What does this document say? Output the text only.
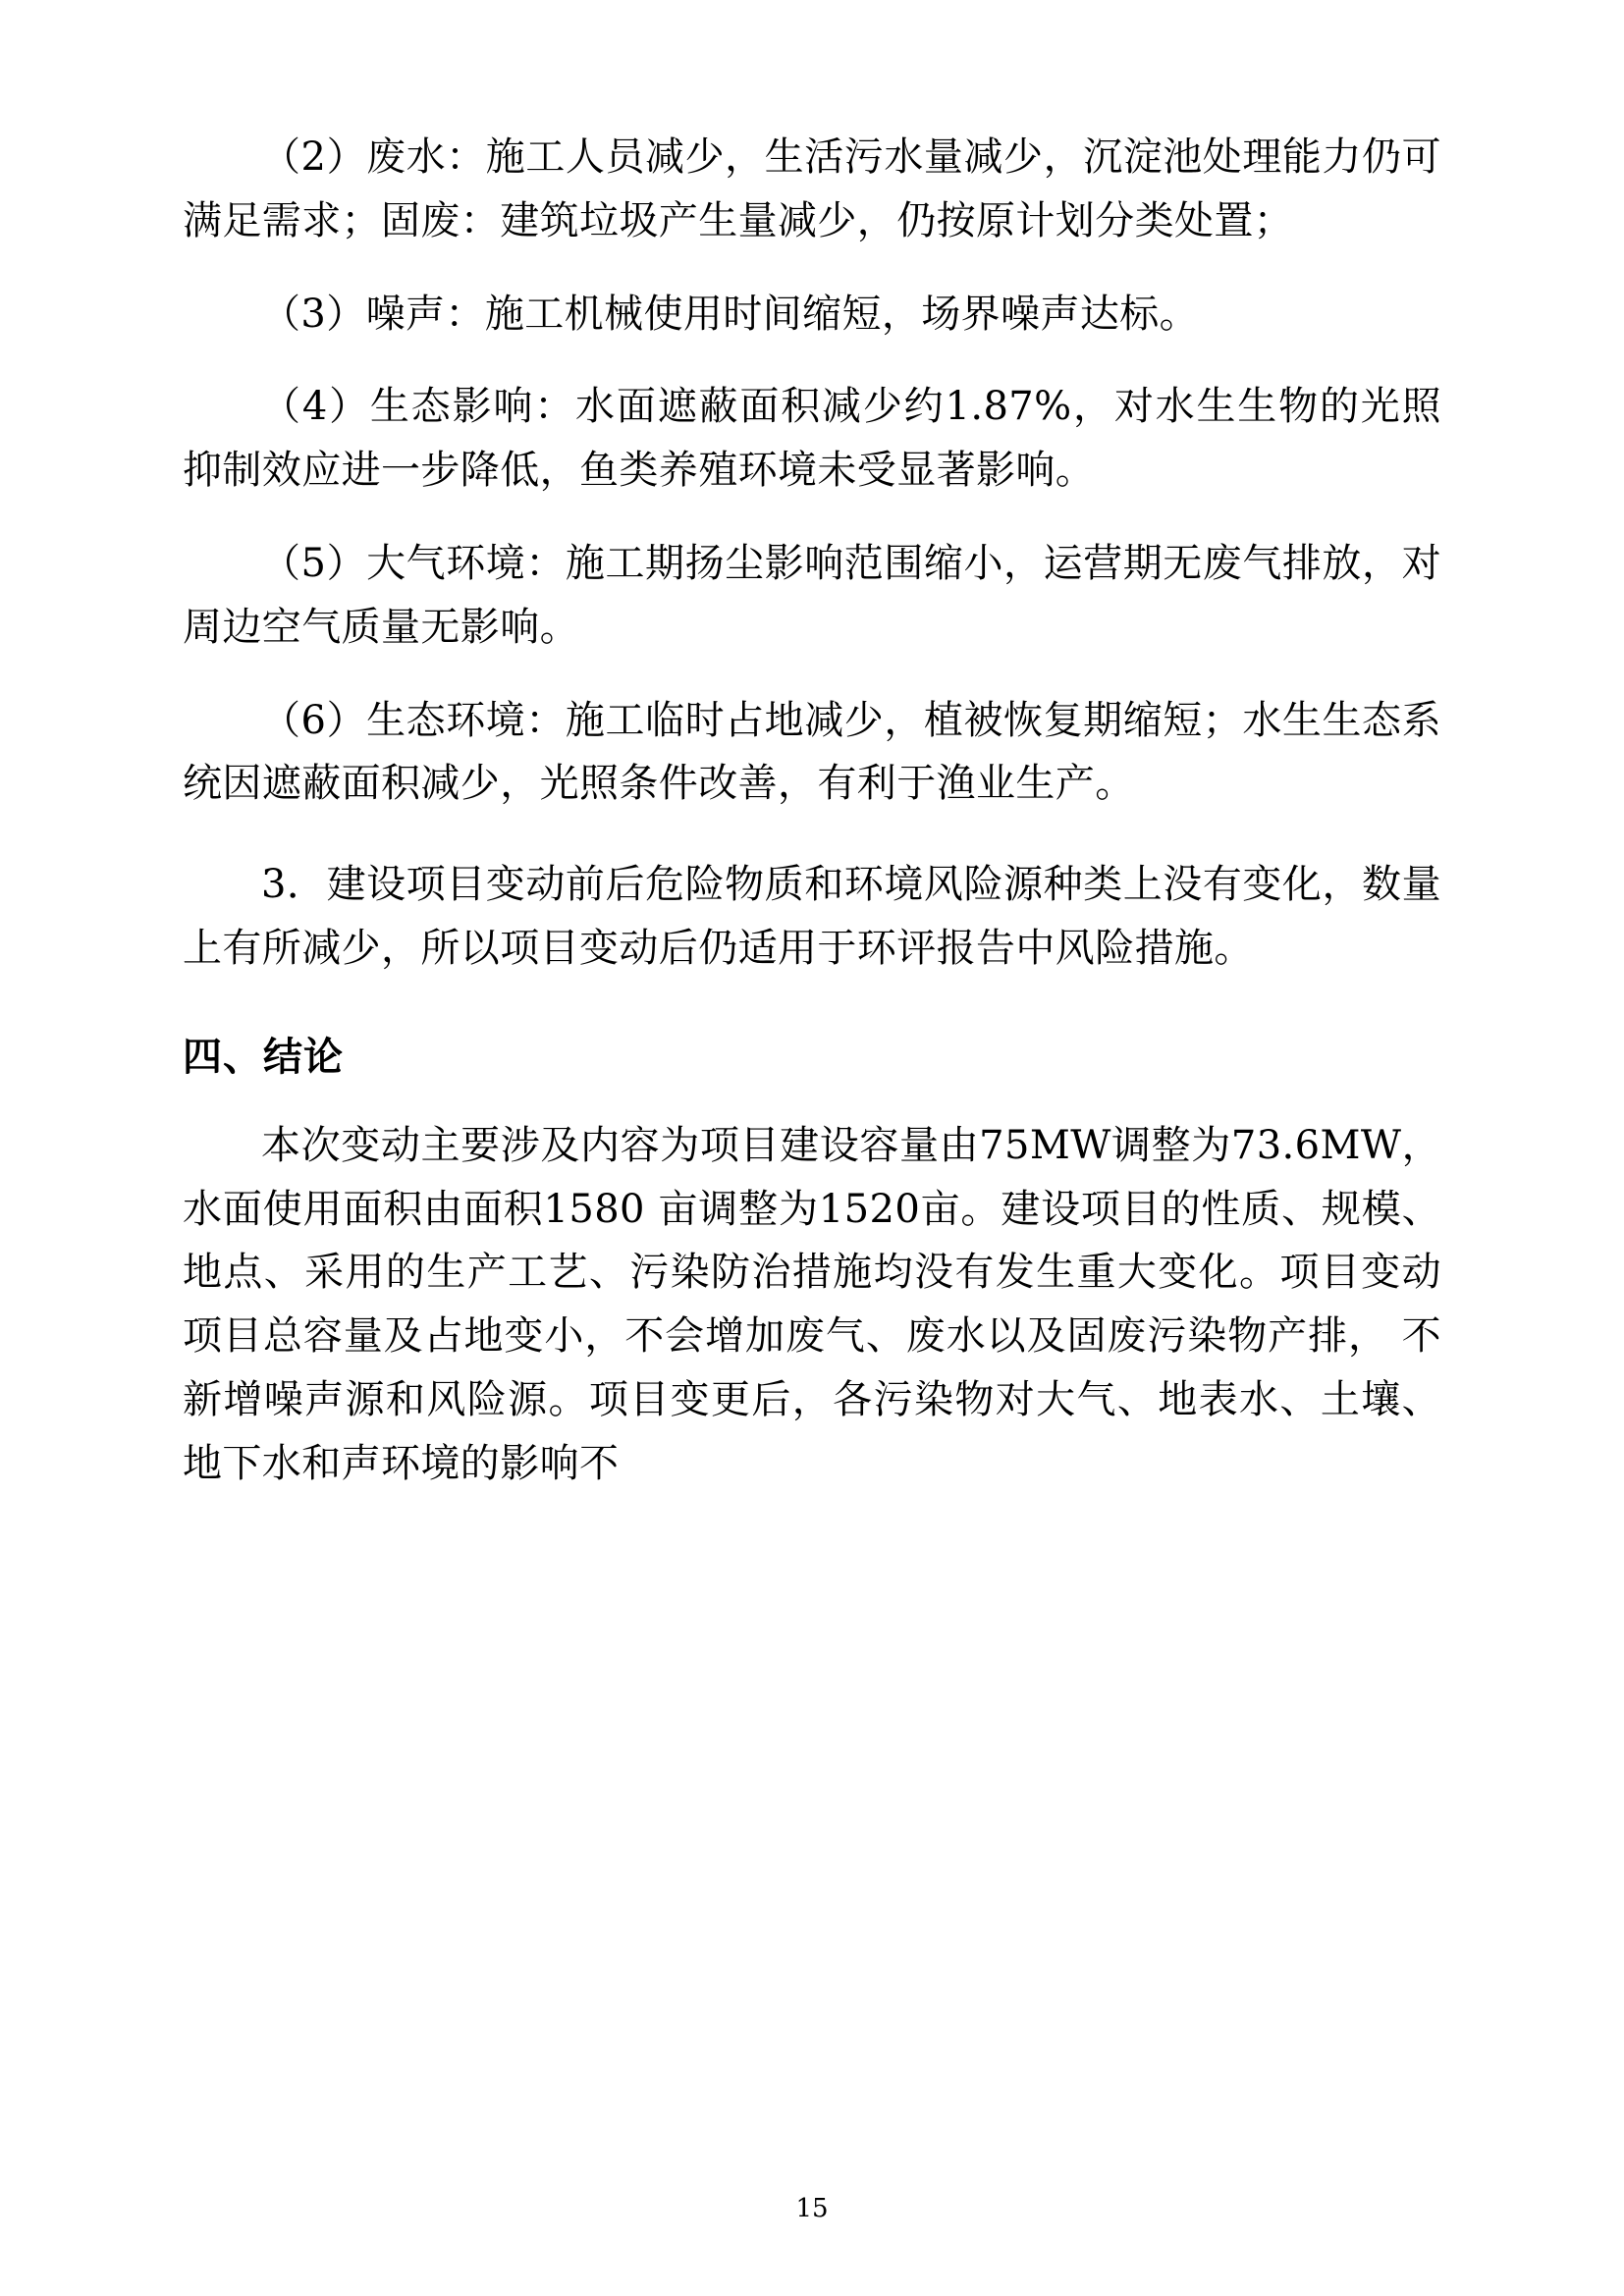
（2）废水：施工人员减少，生活污水量减少，沉淀池处理能力仍可满足需求；固废：建筑垃圾产生量减少，仍按原计划分类处置；

（3）噪声：施工机械使用时间缩短，场界噪声达标。

（4）生态影响：水面遮蔽面积减少约1.87%，对水生生物的光照抑制效应进一步降低，鱼类养殖环境未受显著影响。

（5）大气环境：施工期扬尘影响范围缩小，运营期无废气排放，对周边空气质量无影响。

（6）生态环境：施工临时占地减少，植被恢复期缩短；水生生态系统因遮蔽面积减少，光照条件改善，有利于渔业生产。

3．建设项目变动前后危险物质和环境风险源种类上没有变化，数量上有所减少，所以项目变动后仍适用于环评报告中风险措施。

四、结论

本次变动主要涉及内容为项目建设容量由75MW调整为73.6MW，水面使用面积由面积1580 亩调整为1520亩。建设项目的性质、规模、地点、采用的生产工艺、污染防治措施均没有发生重大变化。项目变动项目总容量及占地变小，不会增加废气、废水以及固废污染物产排， 不新增噪声源和风险源。项目变更后，各污染物对大气、地表水、土壤、地下水和声环境的影响不

15
